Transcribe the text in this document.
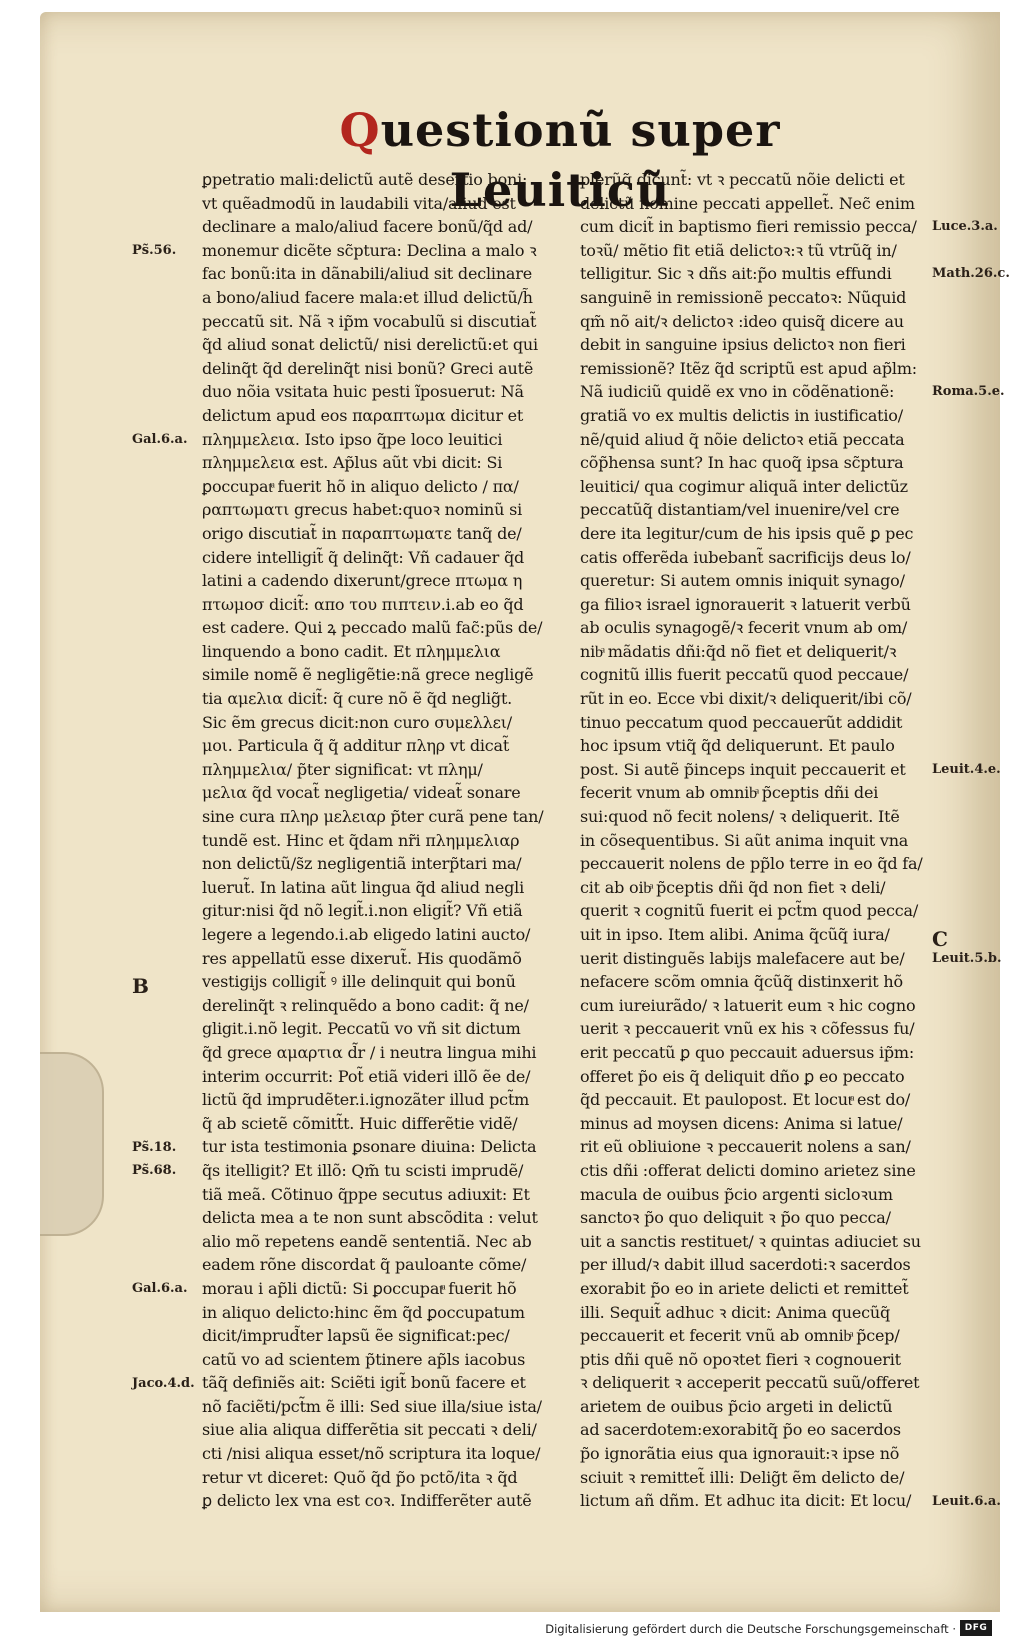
Questionũ super Leuiticũ
ꝑpetratio mali:delictũ autẽ desertio boni:
vt quẽadmodũ in laudabili vita/aliud est
declinare a malo/aliud facere bonũ/q̃d ad/
monemur dicẽte sc̃ptura: Declina a malo ꝛ
fac bonũ:ita in dãnabili/aliud sit declinare
a bono/aliud facere mala:et illud delictũ/h̃
peccatũ sit. Nã ꝛ ip̃m vocabulũ si discutiat̃
q̃d aliud sonat delictũ/ nisi derelictũ:et qui
delinq̃t q̃d derelinq̃t nisi bonũ? Greci autẽ
duo nõia vsitata huic pesti ĩposuerut: Nã
delictum apud eos παραπτωμα dicitur et
πλημμελεια. Isto ipso q̃pe loco leuitici
πλημμελεια est. Ap̃lus aũt vbi dicit: Si
ꝑoccupatͣ fuerit hõ in aliquo delicto / πα/
ραπτωματι grecus habet:quoꝛ nominũ si
origo discutiat̃ in παραπτωματε tanq̃ de/
cidere intelligit̃ q̃ delinq̃t: Vñ cadauer q̃d
latini a cadendo dixerunt/grece πτωμα η
πτωμοσ dicit̃: απο του πιπτειν.i.ab eo q̃d
est cadere. Qui ꝝ peccado malũ fac̃:pũs de/
linquendo a bono cadit. Et πλημμελια
simile nomẽ ẽ negligẽtie:nã grece negligẽ
tia αμελια dicit̃: q̃ cure nõ ẽ q̃d neglig̃t.
Sic ẽm grecus dicit:non curo συμελλει/
μοι. Particula q̃ q̃ additur πληρ vt dicat̃
πλημμελια/ p̃ter significat: vt πλημ/
μελια q̃d vocat̃ negligetia/ videat̃ sonare
sine cura πληρ μελειαρ p̃ter curã pene tan/
tundẽ est. Hinc et q̃dam nr̃i πλημμελιαρ
non delictũ/s̃z negligentiã interp̃tari ma/
luerut̃. In latina aũt lingua q̃d aliud negli
gitur:nisi q̃d nõ legit̃.i.non eligit̃? Vñ etiã
legere a legendo.i.ab eligedo latini aucto/
res appellatũ esse dixerut̃. His quodãmõ
vestigijs colligit̃ ꝰ ille delinquit qui bonũ
derelinq̃t ꝛ relinquẽdo a bono cadit: q̃ ne/
gligit.i.nõ legit. Peccatũ vo vñ sit dictum
q̃d grece αμαρτια d̃r / i neutra lingua mihi
interim occurrit: Pot̃ etiã videri illõ ẽe de/
lictũ q̃d imprudẽter.i.ignozãter illud pct̃m
q̃ ab scietẽ cõmitt̃t. Huic differẽtie vidẽ/
tur ista testimonia ꝑsonare diuina: Delicta
q̃s itelligit? Et illõ: Qm̃ tu scisti imprudẽ/
tiã meã. Cõtinuo q̃ppe secutus adiuxit: Et
delicta mea a te non sunt abscõdita : velut
alio mõ repetens eandẽ sententiã. Nec ab
eadem rõne discordat q̃ pauloante cõme/
morau i ap̃li dictũ: Si ꝑoccupatͣ fuerit hõ
in aliquo delicto:hinc ẽm q̃d ꝑoccupatum
dicit/imprud̃ter lapsũ ẽe significat:pec/
catũ vo ad scientem p̃tinere ap̃ls iacobus
tãq̃ definiẽs ait: Sciẽti igit̃ bonũ facere et
nõ faciẽti/pct̃m ẽ illi: Sed siue illa/siue ista/
siue alia aliqua differẽtia sit peccati ꝛ deli/
cti /nisi aliqua esset/nõ scriptura ita loque/
retur vt diceret: Quõ q̃d p̃o pctõ/ita ꝛ q̃d
ꝑ delicto lex vna est coꝛ. Indifferẽter autẽ
plerũq̃ dicunt̃: vt ꝛ peccatũ nõie delicti et
delictũ nomine peccati appellet̃. Nec̃ enim
cum dicit̃ in baptismo fieri remissio pecca/
toꝛũ/ mẽtio fit etiã delictoꝛ:ꝛ tũ vtrũq̃ in/
telligitur. Sic ꝛ dñs ait:p̃o multis effundi
sanguinẽ in remissionẽ peccatoꝛ: Nũquid
qm̃ nõ ait/ꝛ delictoꝛ :ideo quisq̃ dicere au
debit in sanguine ipsius delictoꝛ non fieri
remissionẽ? Itẽz q̃d scriptũ est apud ap̃lm:
Nã iudiciũ quidẽ ex vno in cõdẽnationẽ:
gratiã vo ex multis delictis in iustificatio/
nẽ/quid aliud q̃ nõie delictoꝛ etiã peccata
cõp̃hensa sunt? In hac quoq̃ ipsa sc̃ptura
leuitici/ qua cogimur aliquã inter delictũz
peccatũq̃ distantiam/vel inuenire/vel cre
dere ita legitur/cum de his ipsis quẽ ꝑ pec
catis offerẽda iubebant̃ sacrificijs deus lo/
queretur: Si autem omnis iniquit synago/
ga filioꝛ israel ignorauerit ꝛ latuerit verbũ
ab oculis synagogẽ/ꝛ fecerit vnum ab om/
nibͣ mãdatis dñi:q̃d nõ fiet et deliquerit/ꝛ
cognitũ illis fuerit peccatũ quod peccaue/
rũt in eo. Ecce vbi dixit/ꝛ deliquerit/ibi cõ/
tinuo peccatum quod peccauerũt addidit
hoc ipsum vtiq̃ q̃d deliquerunt. Et paulo
post. Si autẽ p̃inceps inquit peccauerit et
fecerit vnum ab omnibͣ p̃ceptis dñi dei
sui:quod nõ fecit nolens/ ꝛ deliquerit. Itẽ
in cõsequentibus. Si aũt anima inquit vna
peccauerit nolens de pp̃lo terre in eo q̃d fa/
cit ab oibͣ p̃ceptis dñi q̃d non fiet ꝛ deli/
querit ꝛ cognitũ fuerit ei pct̃m quod pecca/
uit in ipso. Item alibi. Anima q̃cũq̃ iura/
uerit distinguẽs labijs malefacere aut be/
nefacere scõm omnia q̃cũq̃ distinxerit hõ
cum iureiurãdo/ ꝛ latuerit eum ꝛ hic cogno
uerit ꝛ peccauerit vnũ ex his ꝛ cõfessus fu/
erit peccatũ ꝑ quo peccauit aduersus ip̃m:
offeret p̃o eis q̃ deliquit dño ꝑ eo peccato
q̃d peccauit. Et paulopost. Et locutͣ est do/
minus ad moysen dicens: Anima si latue/
rit eũ obliuione ꝛ peccauerit nolens a san/
ctis dñi :offerat delicti domino arietez sine
macula de ouibus p̃cio argenti sicloꝛum
sanctoꝛ p̃o quo deliquit ꝛ p̃o quo pecca/
uit a sanctis restituet/ ꝛ quintas adiuciet su
per illud/ꝛ dabit illud sacerdoti:ꝛ sacerdos
exorabit p̃o eo in ariete delicti et remittet̃
illi. Sequit̃ adhuc ꝛ dicit: Anima quecũq̃
peccauerit et fecerit vnũ ab omnibͣ p̃cep/
ptis dñi quẽ nõ opoꝛtet fieri ꝛ cognouerit
ꝛ deliquerit ꝛ acceperit peccatũ suũ/offeret
arietem de ouibus p̃cio argeti in delictũ
ad sacerdotem:exorabitq̃ p̃o eo sacerdos
p̃o ignorãtia eius qua ignorauit:ꝛ ipse nõ
sciuit ꝛ remittet̃ illi: Delig̃t ẽm delicto de/
lictum añ dñm. Et adhuc ita dicit: Et locu/
Ps̃.56.
Gal.6.a.
B
Ps̃.18.
Ps̃.68.
Gal.6.a.
Jaco.4.d.
Luce.3.a.
Math.26.c.
Roma.5.e.
Leuit.4.e.
C
Leuit.5.b.
Leuit.6.a.
Digitalisierung gefördert durch die Deutsche Forschungsgemeinschaft · DFG
